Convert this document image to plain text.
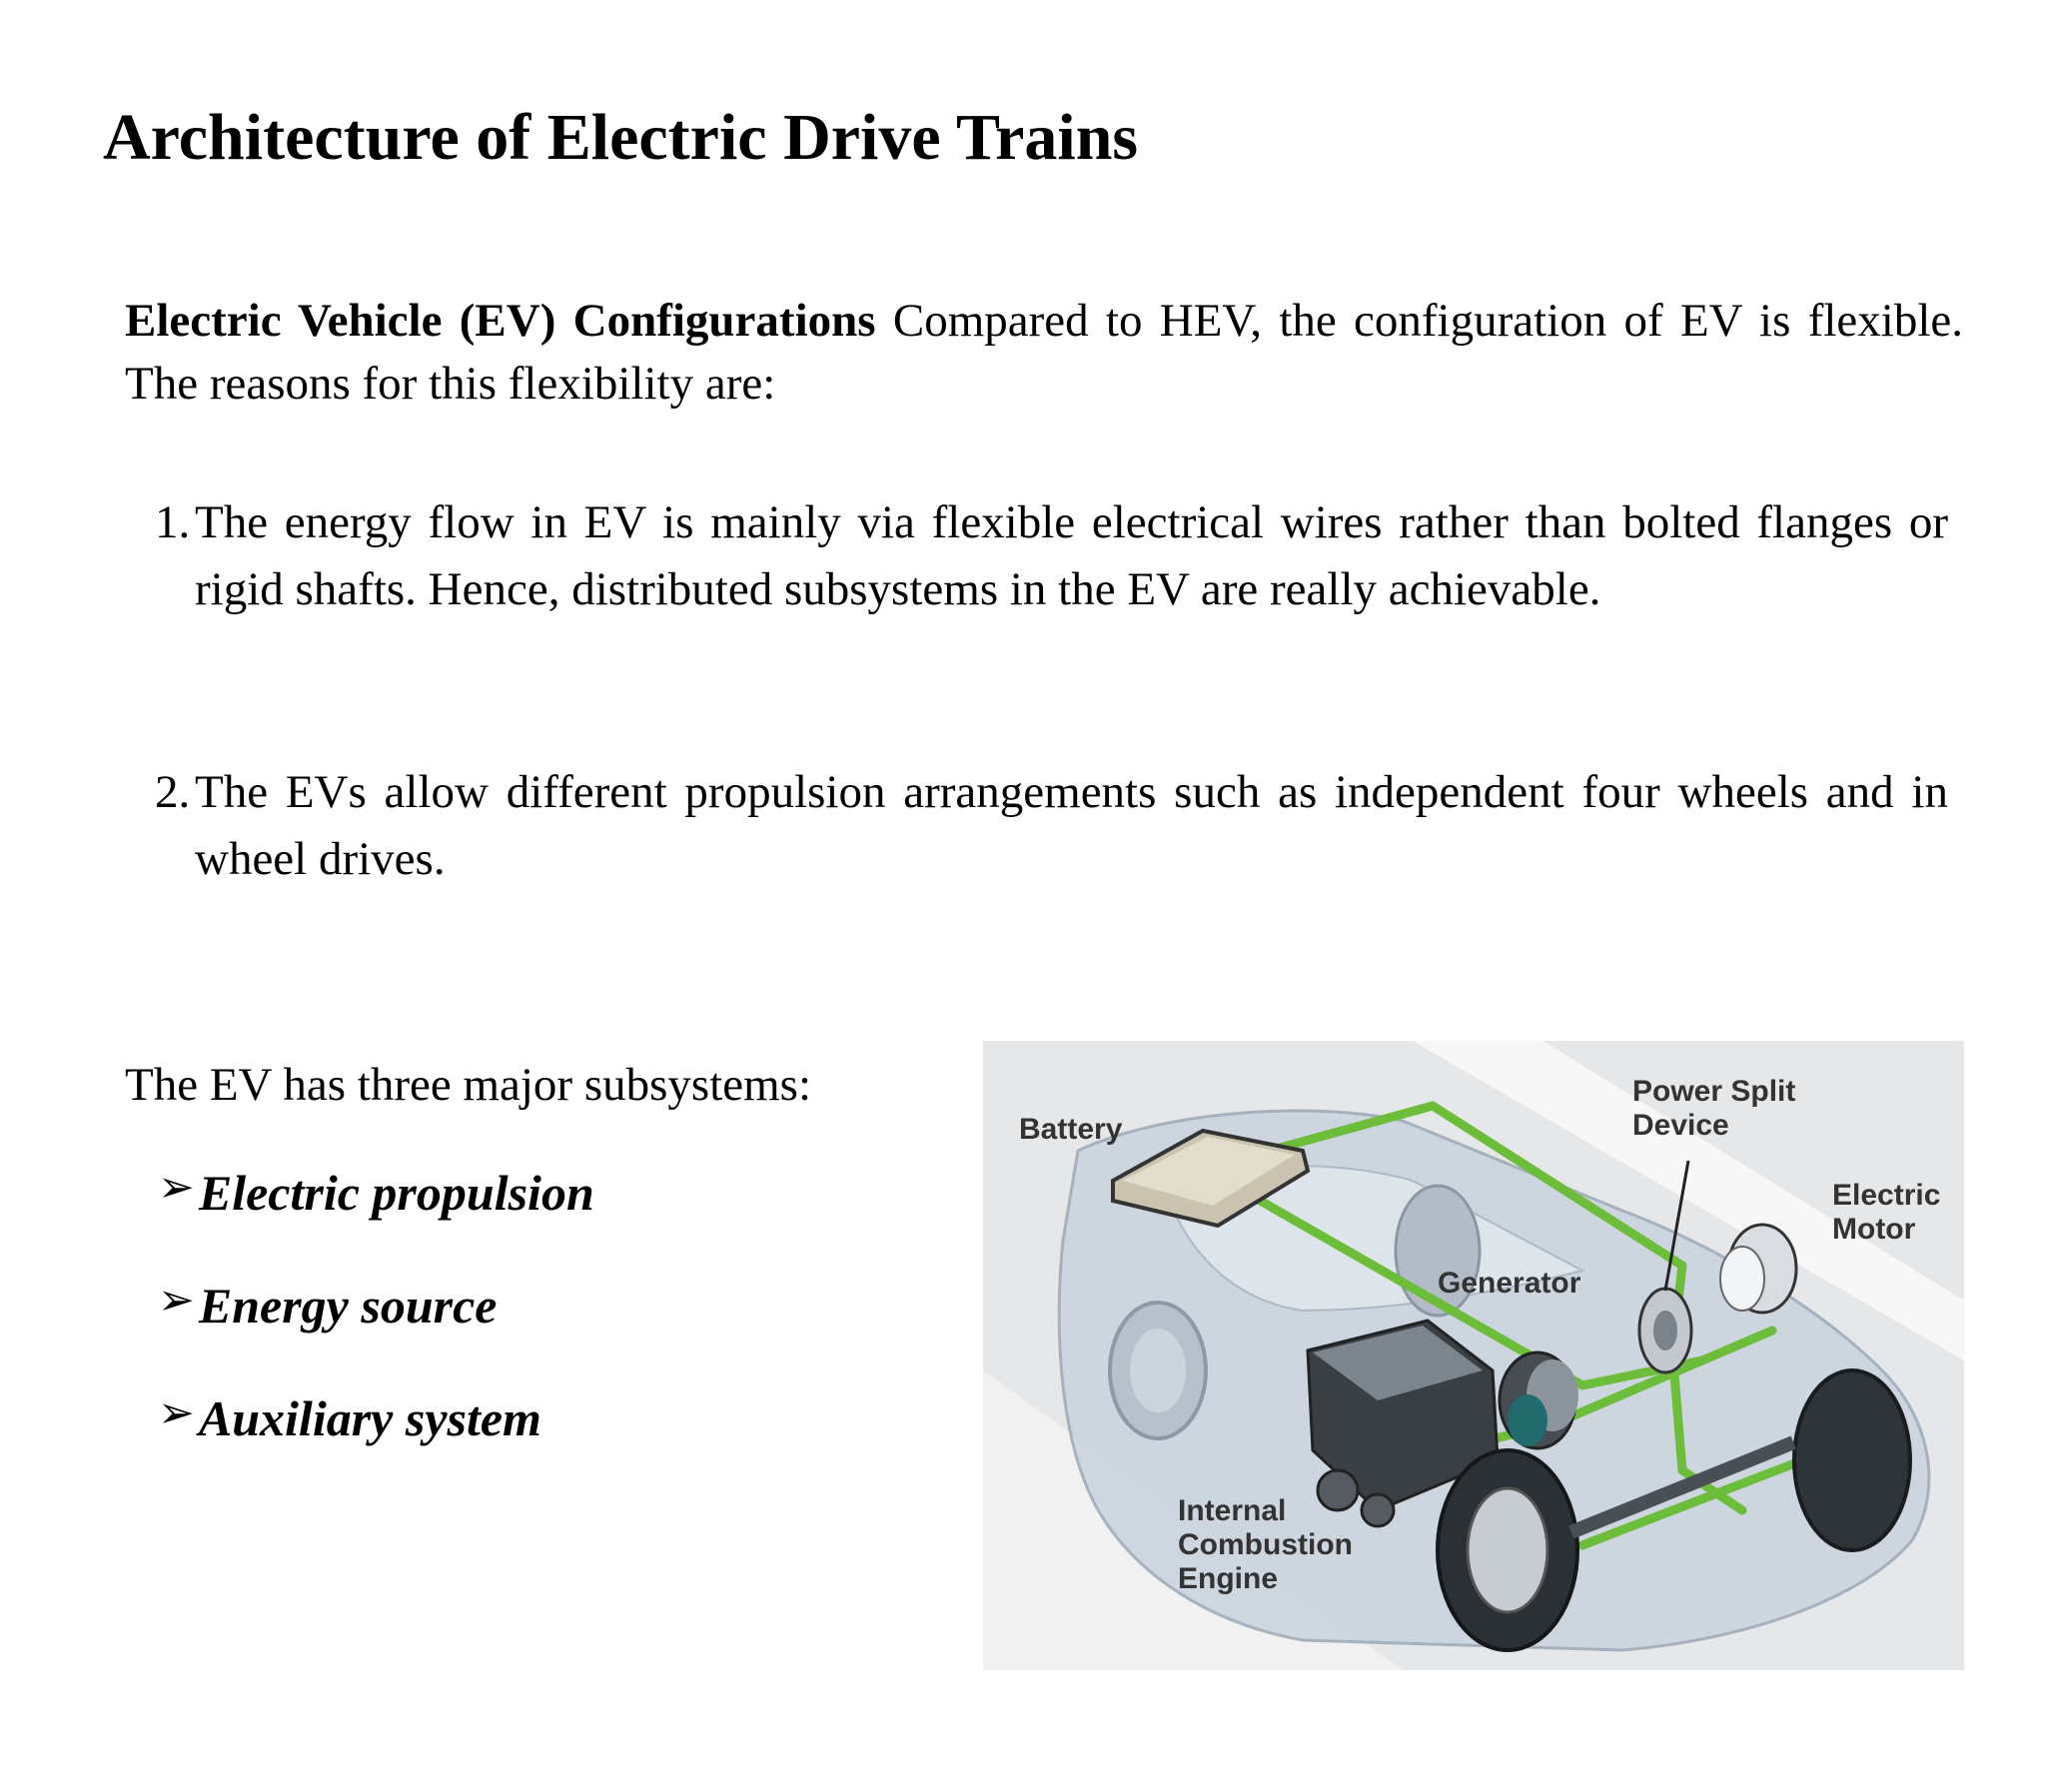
Architecture of Electric Drive Trains
Electric Vehicle (EV) Configurations Compared to HEV, the configuration of EV is flexible. The reasons for this flexibility are:
1. The energy flow in EV is mainly via flexible electrical wires rather than bolted flanges or rigid shafts. Hence, distributed subsystems in the EV are really achievable.
2. The EVs allow different propulsion arrangements such as independent four wheels and in wheel drives.
The EV has three major subsystems:
➢Electric propulsion
➢Energy source
➢Auxiliary system
Battery
Power Split
Device
Electric
Motor
Generator
Internal
Combustion
Engine
